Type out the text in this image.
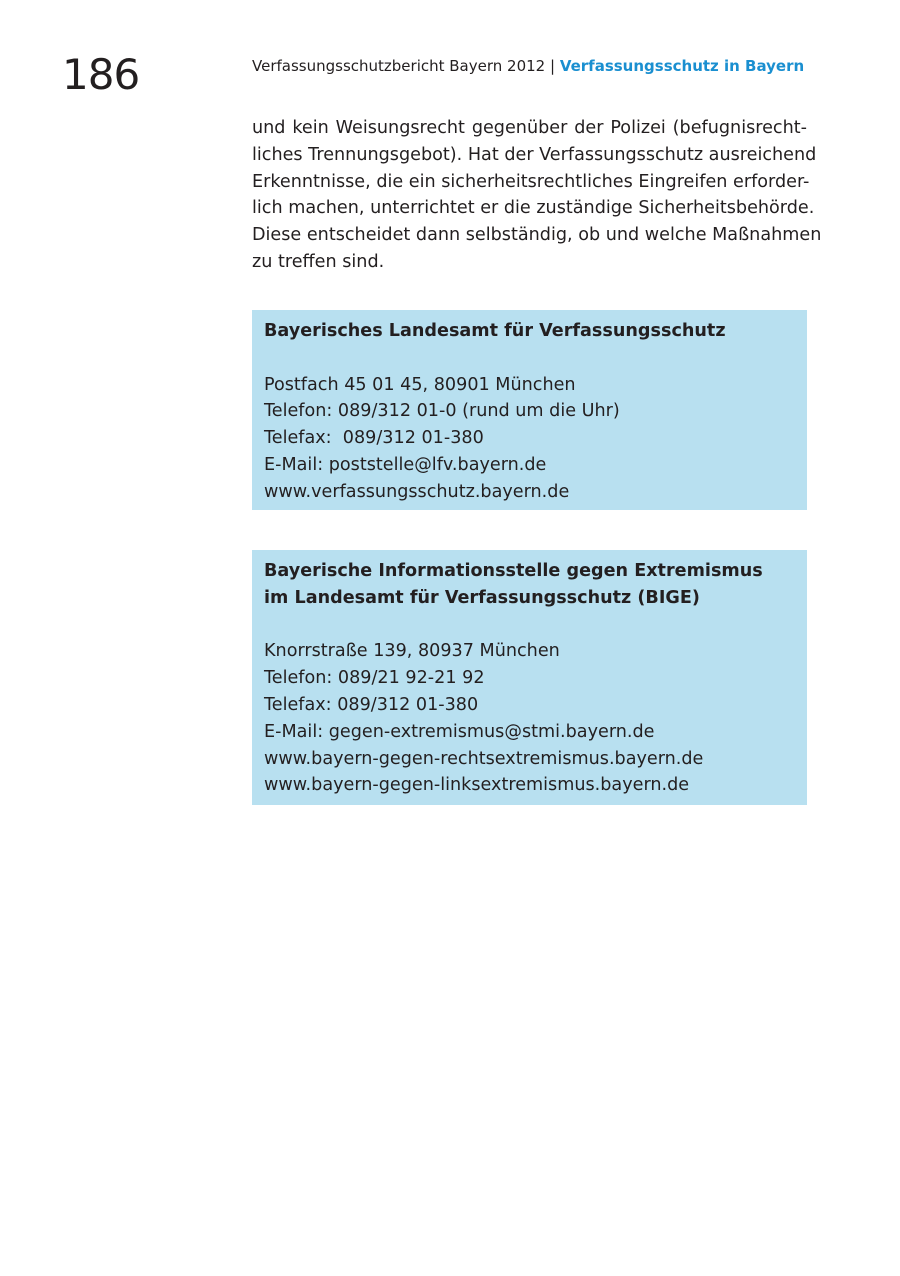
186	Verfassungsschutzbericht Bayern 2012 | Verfassungsschutz in Bayern
und kein Weisungsrecht gegenüber der Polizei (befugnisrecht-
liches Trennungsgebot). Hat der Verfassungsschutz ausreichend
Erkenntnisse, die ein sicherheitsrechtliches Eingreifen erforder-
lich machen, unterrichtet er die zuständige Sicherheitsbehörde.
Diese entscheidet dann selbständig, ob und welche Maßnahmen
zu treffen sind.
Bayerisches Landesamt für Verfassungsschutz
Postfach 45 01 45, 80901 München
Telefon: 089/312 01-0 (rund um die Uhr)
Telefax:  089/312 01-380
E-Mail: poststelle@lfv.bayern.de
www.verfassungsschutz.bayern.de
Bayerische Informationsstelle gegen Extremismus
im Landesamt für Verfassungsschutz (BIGE)
Knorrstraße 139, 80937 München
Telefon: 089/21 92-21 92
Telefax: 089/312 01-380
E-Mail: gegen-extremismus@stmi.bayern.de
www.bayern-gegen-rechtsextremismus.bayern.de
www.bayern-gegen-linksextremismus.bayern.de
